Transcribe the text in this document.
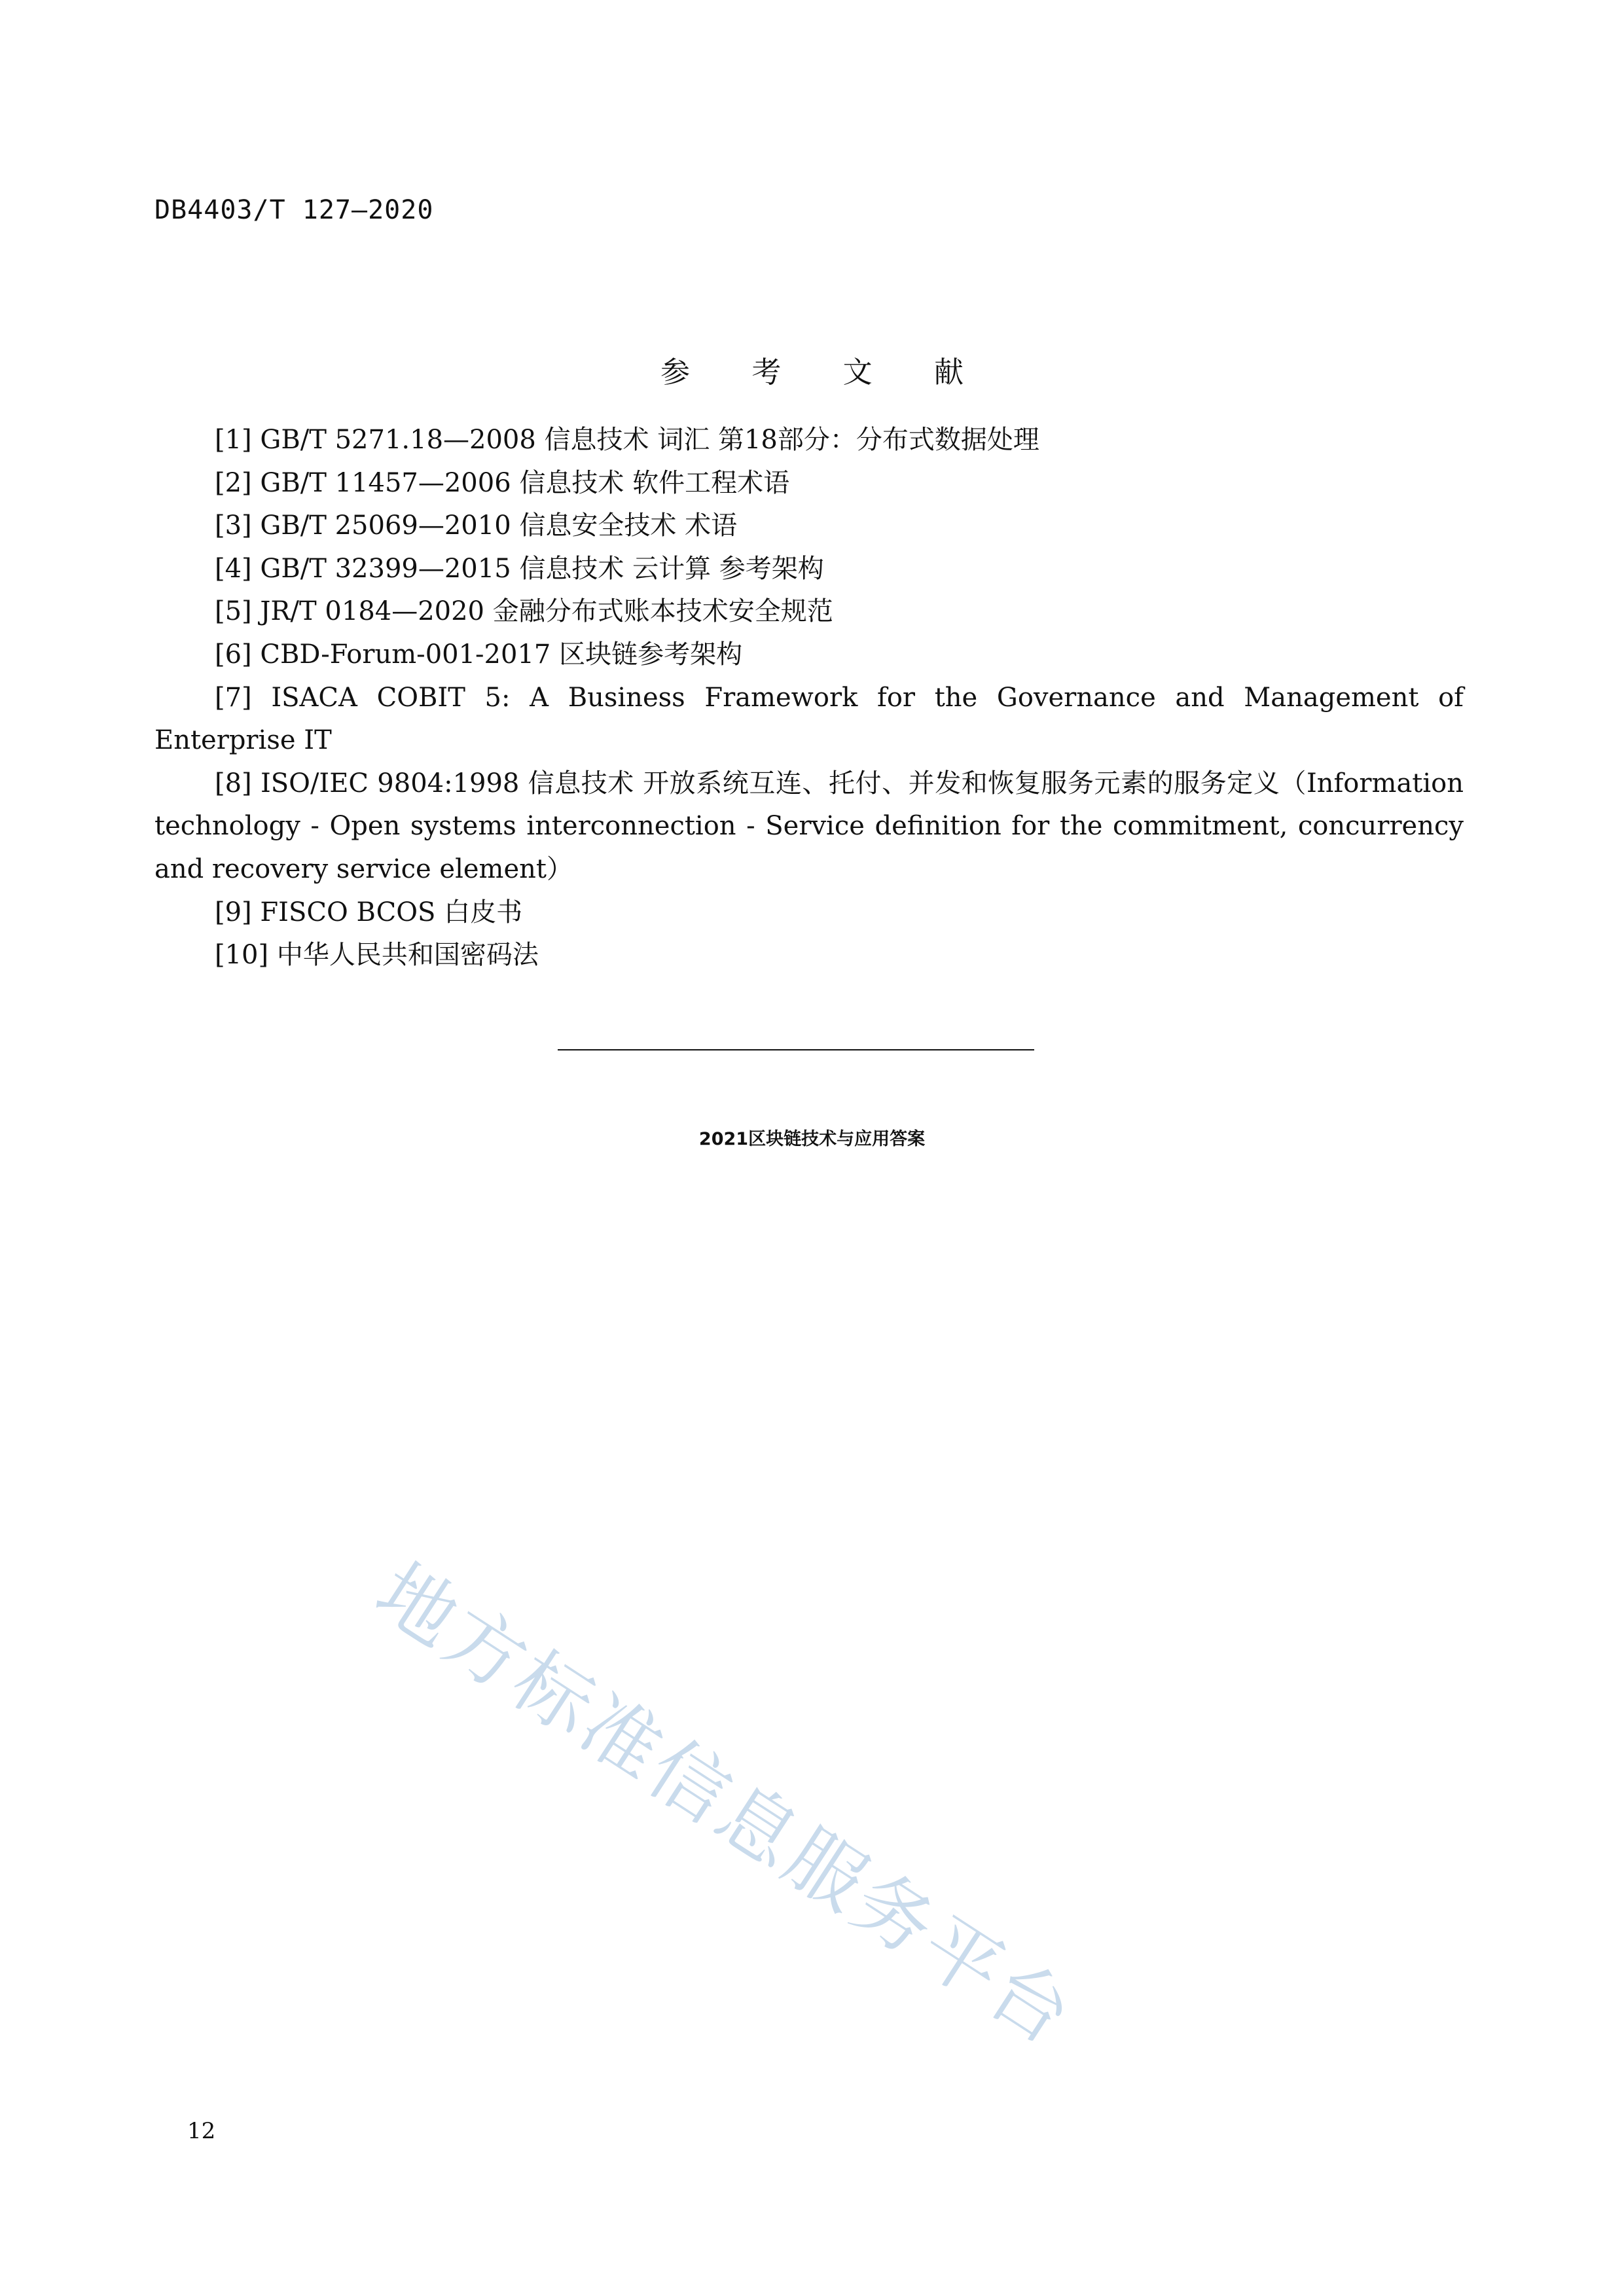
DB4403/T 127—2020
参 考 文 献

[1] GB/T 5271.18—2008 信息技术 词汇 第18部分：分布式数据处理

[2] GB/T 11457—2006 信息技术 软件工程术语

[3] GB/T 25069—2010 信息安全技术 术语

[4] GB/T 32399—2015 信息技术 云计算 参考架构

[5] JR/T 0184—2020 金融分布式账本技术安全规范

[6] CBD-Forum-001-2017 区块链参考架构

[7] ISACA COBIT 5: A Business Framework for the Governance and Management of Enterprise IT

[8] ISO/IEC 9804:1998 信息技术 开放系统互连、托付、并发和恢复服务元素的服务定义（Information technology - Open systems interconnection - Service definition for the commitment, concurrency and recovery service element）

[9] FISCO BCOS 白皮书

[10] 中华人民共和国密码法

2021区块链技术与应用答案
地方标准信息服务平台
12
